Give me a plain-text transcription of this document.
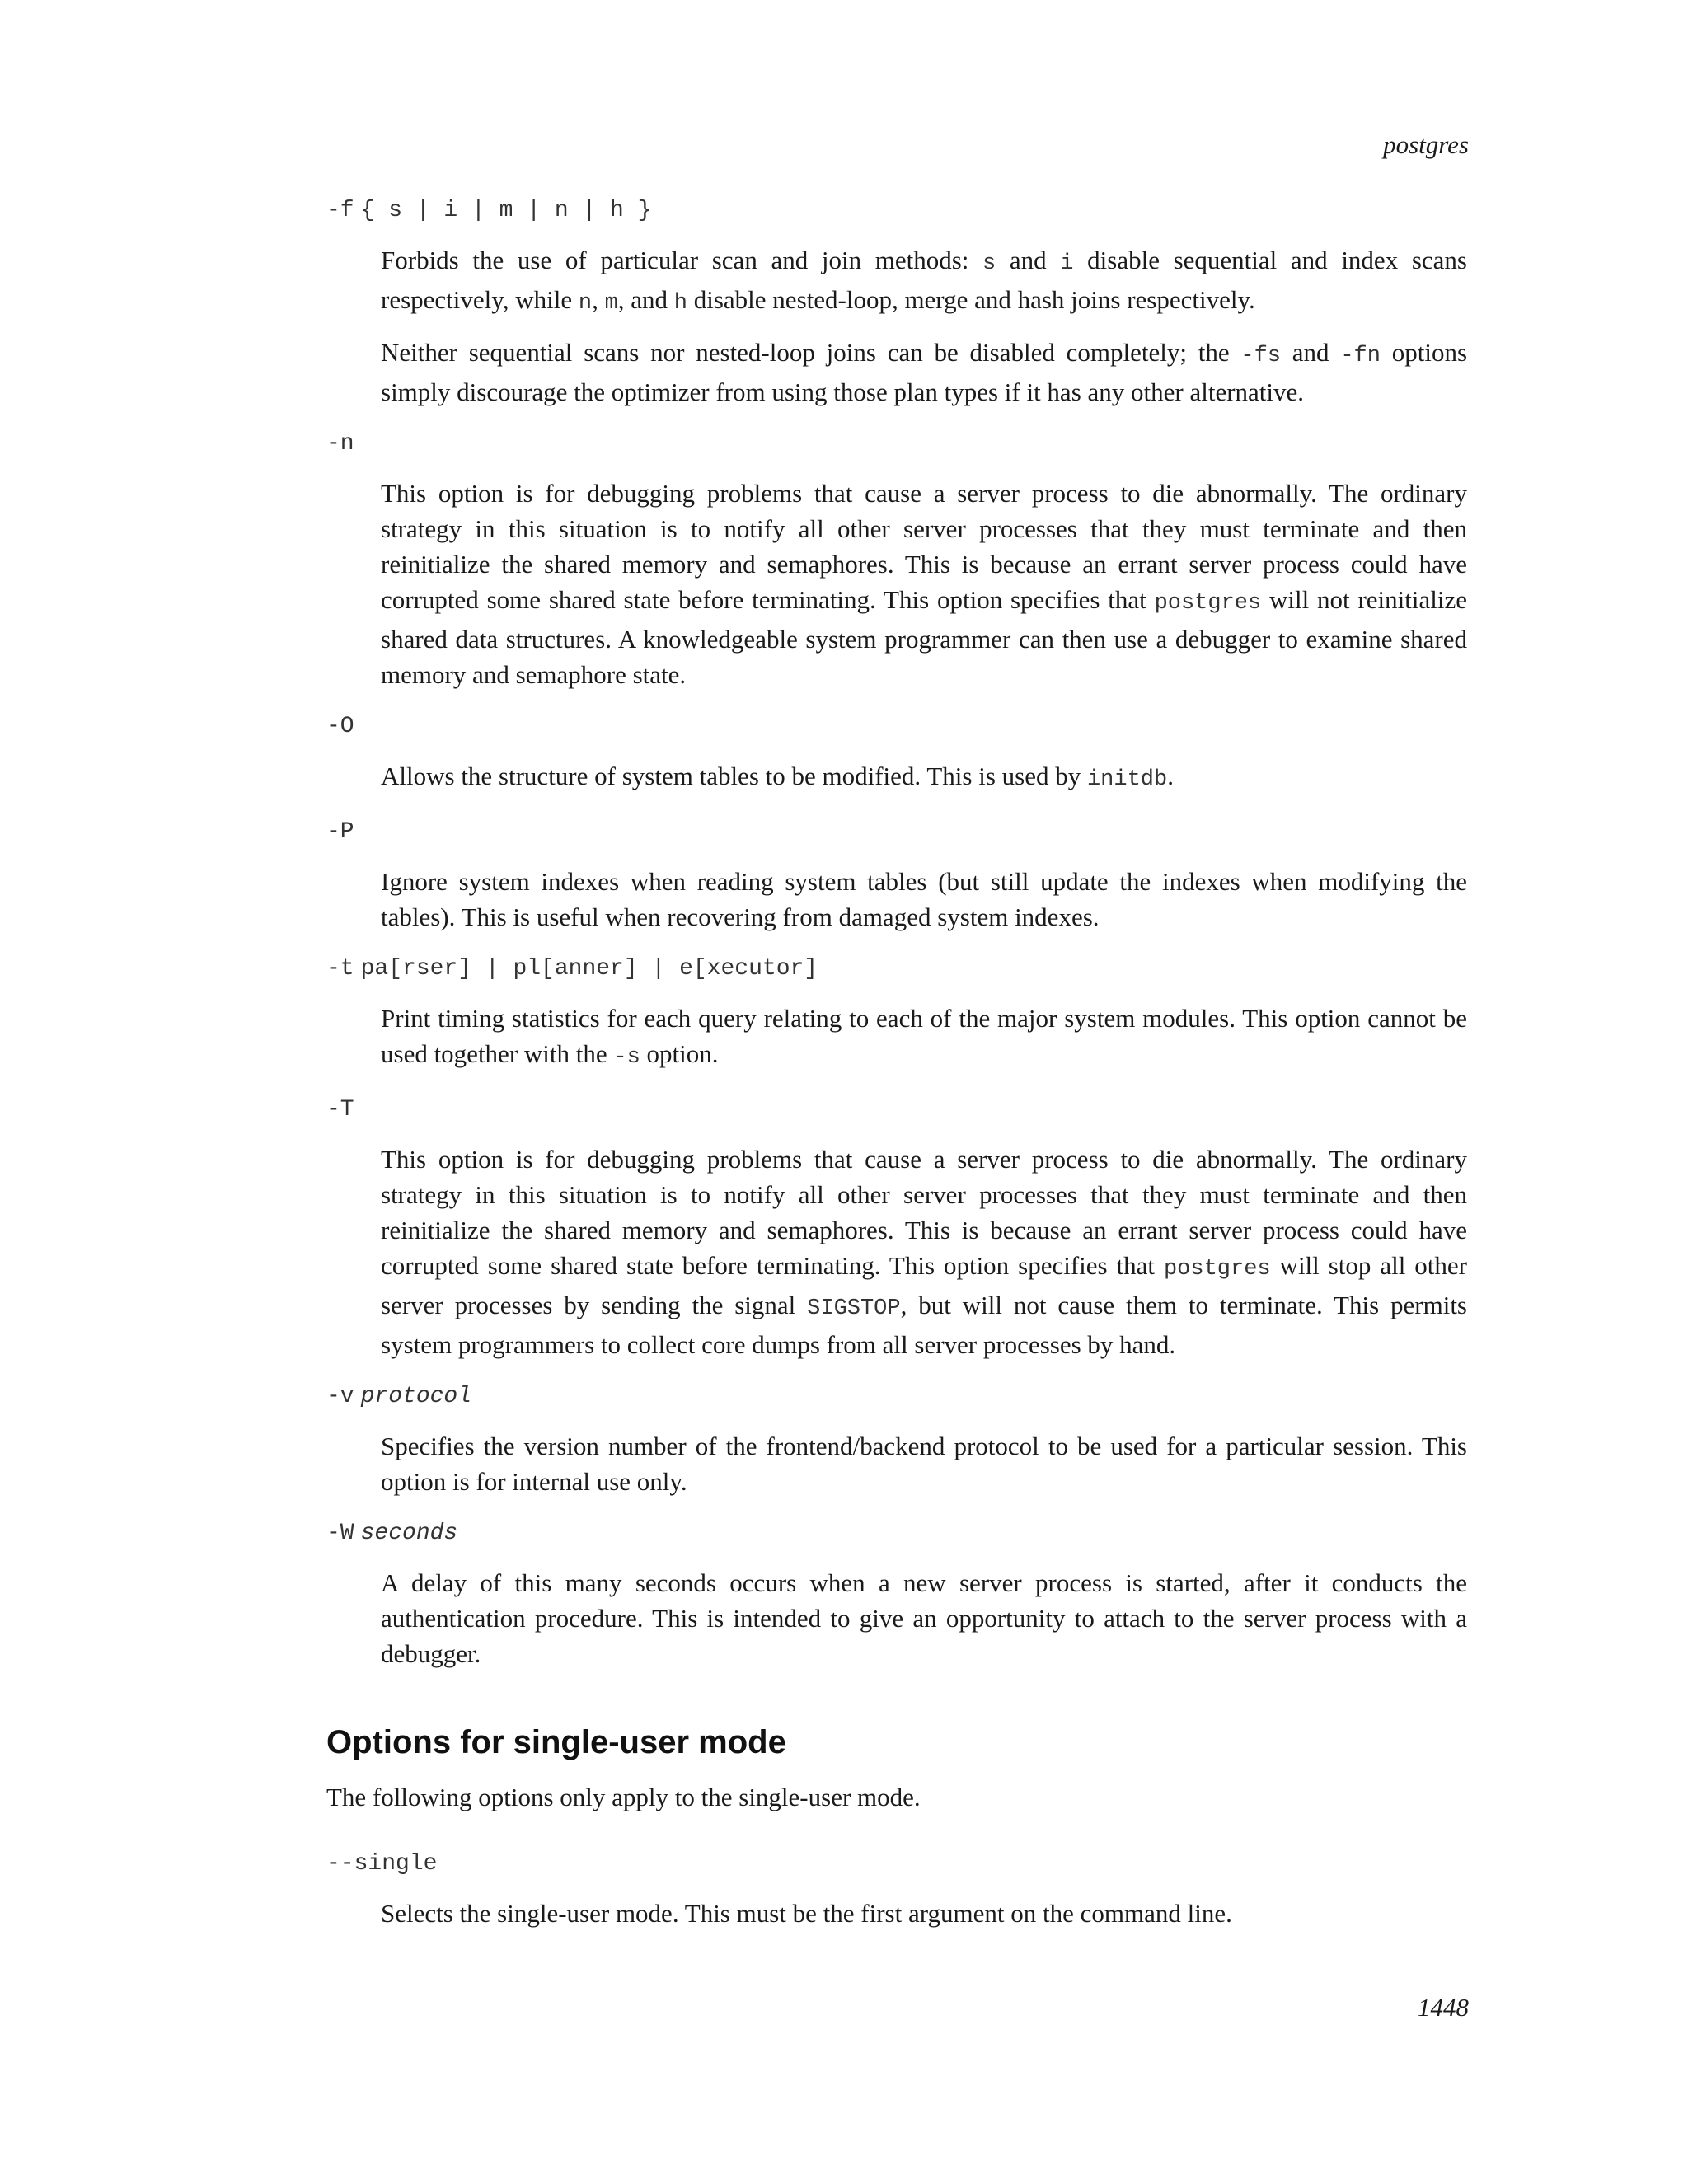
postgres
-f { s | i | m | n | h }

Forbids the use of particular scan and join methods: s and i disable sequential and index scans respectively, while n, m, and h disable nested-loop, merge and hash joins respectively.

Neither sequential scans nor nested-loop joins can be disabled completely; the -fs and -fn options simply discourage the optimizer from using those plan types if it has any other alternative.

-n

This option is for debugging problems that cause a server process to die abnormally. The ordinary strategy in this situation is to notify all other server processes that they must terminate and then reinitialize the shared memory and semaphores. This is because an errant server process could have corrupted some shared state before terminating. This option specifies that postgres will not reinitialize shared data structures. A knowledgeable system programmer can then use a debugger to examine shared memory and semaphore state.

-O

Allows the structure of system tables to be modified. This is used by initdb.

-P

Ignore system indexes when reading system tables (but still update the indexes when modifying the tables). This is useful when recovering from damaged system indexes.

-t pa[rser] | pl[anner] | e[xecutor]

Print timing statistics for each query relating to each of the major system modules. This option cannot be used together with the -s option.

-T

This option is for debugging problems that cause a server process to die abnormally. The ordinary strategy in this situation is to notify all other server processes that they must terminate and then reinitialize the shared memory and semaphores. This is because an errant server process could have corrupted some shared state before terminating. This option specifies that postgres will stop all other server processes by sending the signal SIGSTOP, but will not cause them to terminate. This permits system programmers to collect core dumps from all server processes by hand.

-v protocol

Specifies the version number of the frontend/backend protocol to be used for a particular session. This option is for internal use only.

-W seconds

A delay of this many seconds occurs when a new server process is started, after it conducts the authentication procedure. This is intended to give an opportunity to attach to the server process with a debugger.

Options for single-user mode

The following options only apply to the single-user mode.

--single

Selects the single-user mode. This must be the first argument on the command line.

1448
